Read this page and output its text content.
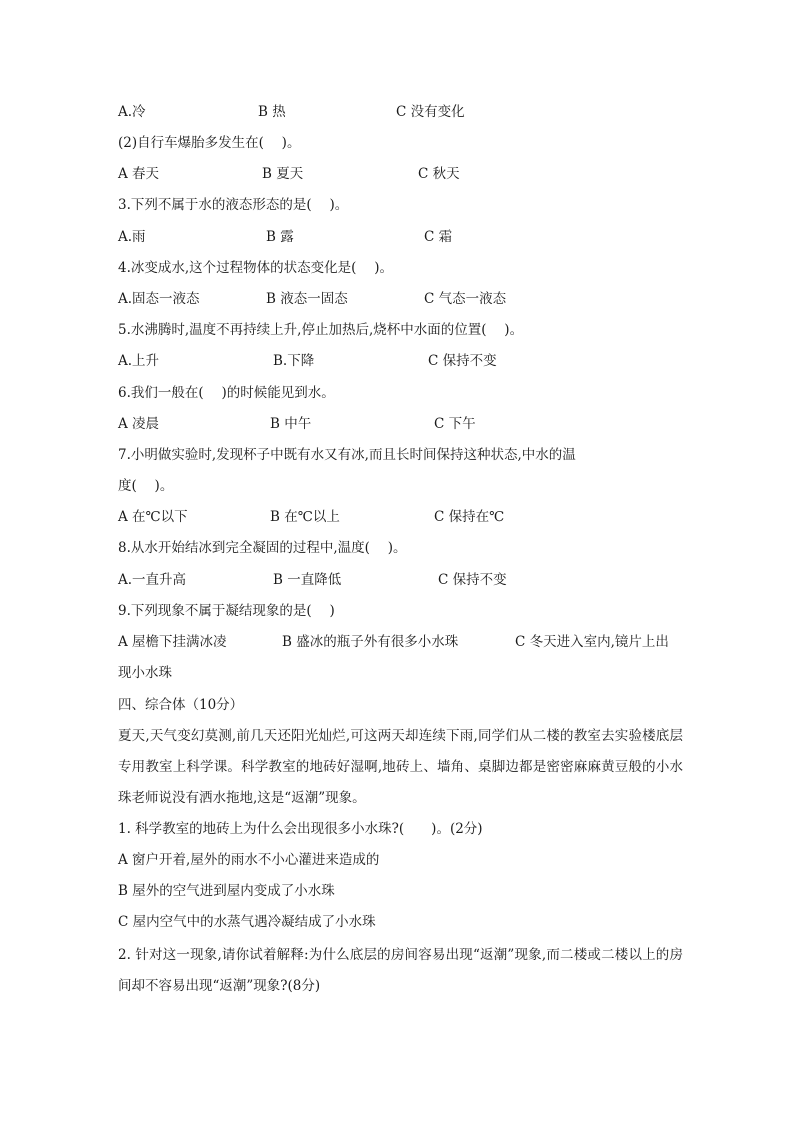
A.冷	B 热	C 没有变化
(2)自行车爆胎多发生在(　 )。
A 春天	B 夏天	C 秋天
3.下列不属于水的液态形态的是(　 )。
A.雨	B 露	C 霜
4.冰变成水,这个过程物体的状态变化是(　 )。
A.固态一液态	B 液态一固态	C 气态一液态
5.水沸腾时,温度不再持续上升,停止加热后,烧杯中水面的位置(　 )。
A.上升	B.下降	C 保持不变
6.我们一般在(　 )的时候能见到水。
A 凌晨	B 中午	C 下午
7.小明做实验时,发现杯子中既有水又有冰,而且长时间保持这种状态,中水的温
度(　 )。
A 在℃以下	B 在℃以上	C 保持在℃
8.从水开始结冰到完全凝固的过程中,温度(　 )。
A.一直升高	B 一直降低	C 保持不变
9.下列现象不属于凝结现象的是(　 )
A 屋檐下挂满冰凌	B 盛冰的瓶子外有很多小水珠	C 冬天进入室内,镜片上出
现小水珠
四、综合体（10分）
夏天,天气变幻莫测,前几天还阳光灿烂,可这两天却连续下雨,同学们从二楼的教室去实验楼底层专用教室上科学课。科学教室的地砖好湿啊,地砖上、墙角、桌脚边都是密密麻麻黄豆般的小水珠老师说没有洒水拖地,这是“返潮”现象。
1. 科学教室的地砖上为什么会出现很多小水珠?(　　)。(2分)
A 窗户开着,屋外的雨水不小心灌进来造成的
B 屋外的空气进到屋内变成了小水珠
C 屋内空气中的水蒸气遇冷凝结成了小水珠
2. 针对这一现象,请你试着解释:为什么底层的房间容易出现“返潮”现象,而二楼或二楼以上的房间却不容易出现“返潮”现象?(8分)
